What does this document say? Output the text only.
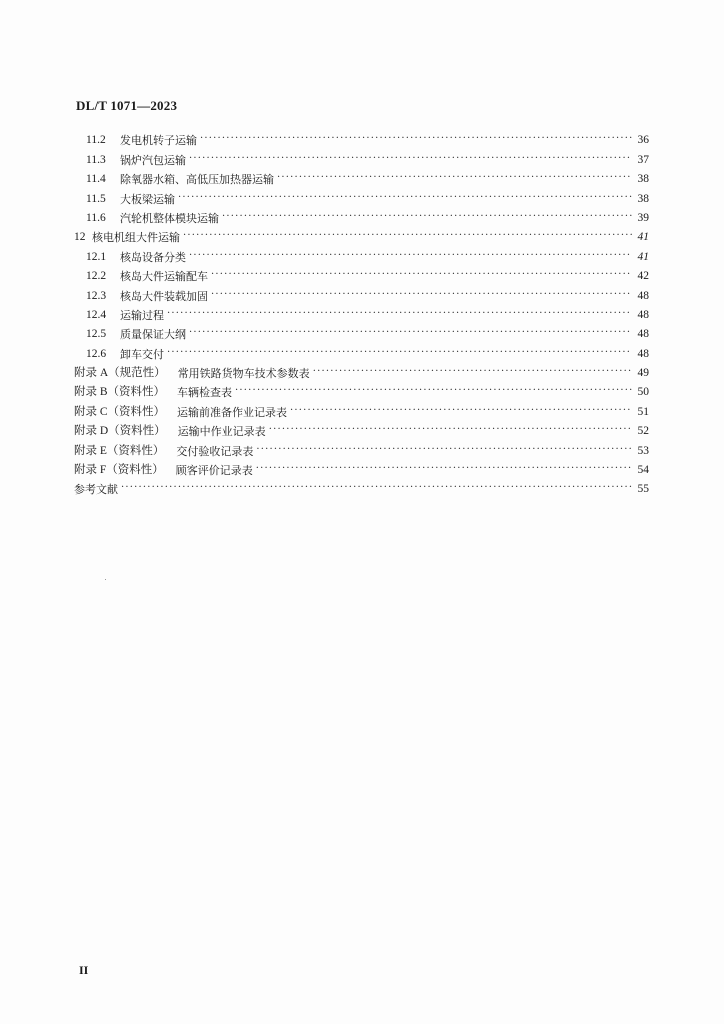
DL/T 1071—2023
11.2	发电机转子运输 ·····	36
11.3	锅炉汽包运输 ·····	37
11.4	除氧器水箱、高低压加热器运输 ·····	38
11.5	大板梁运输 ·····	38
11.6	汽轮机整体模块运输 ·····	39
12 核电机组大件运输 ·····	41
12.1	核岛设备分类 ·····	41
12.2	核岛大件运输配车 ·····	42
12.3	核岛大件装载加固 ·····	48
12.4	运输过程 ·····	48
12.5	质量保证大纲 ·····	48
12.6	卸车交付 ·····	48
附录 A（规范性） 常用铁路货物车技术参数表 ·····	49
附录 B（资料性） 车辆检查表 ·····	50
附录 C（资料性） 运输前准备作业记录表 ·····	51
附录 D（资料性） 运输中作业记录表 ·····	52
附录 E（资料性） 交付验收记录表 ·····	53
附录 F（资料性） 顾客评价记录表 ·····	54
参考文献 ·····	55
II
